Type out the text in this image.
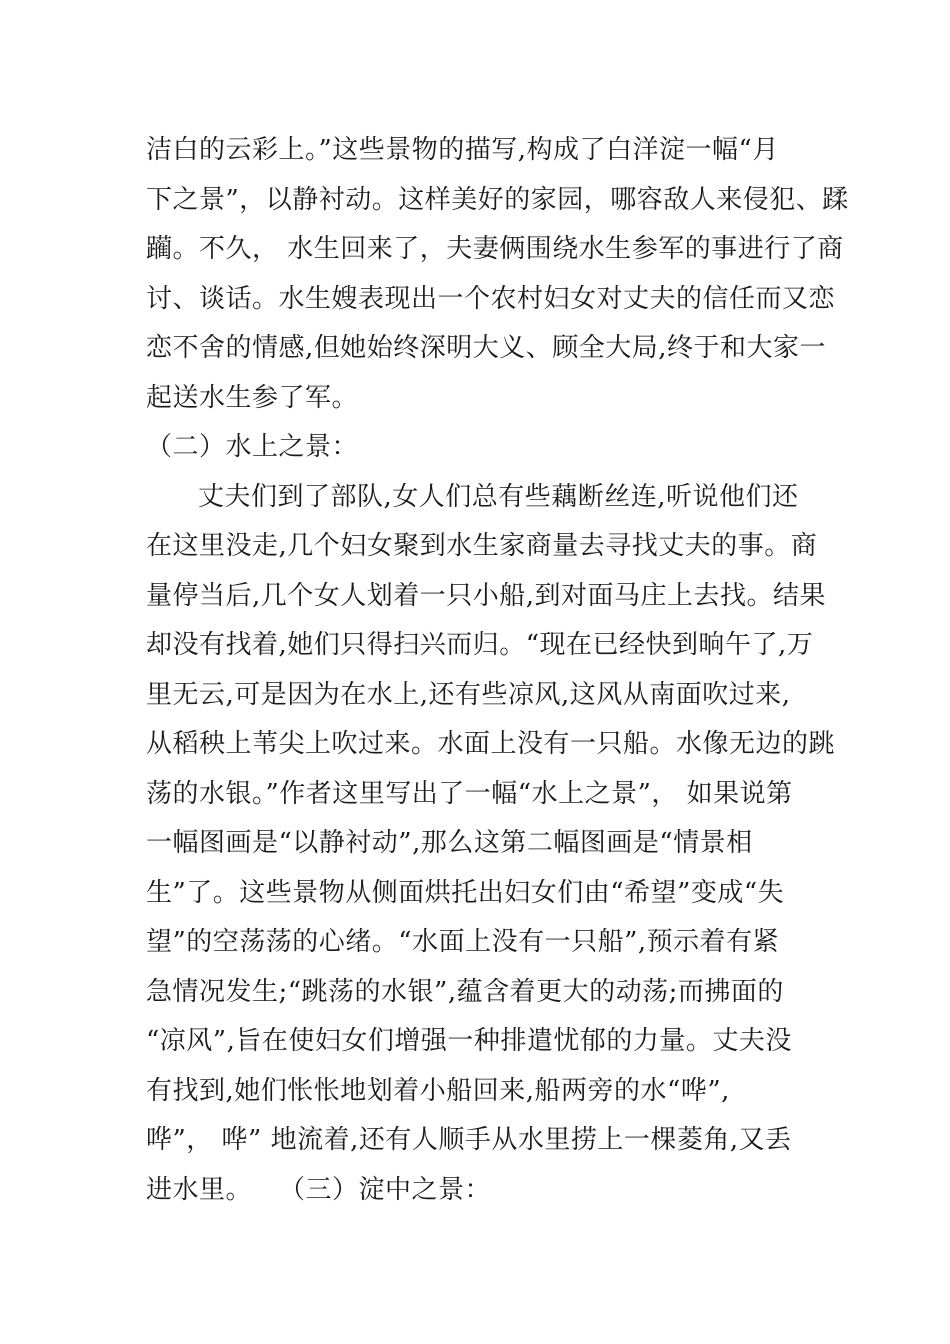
洁白的云彩上。”这些景物的描写,构成了白洋淀一幅“月
下之景”，以静衬动。这样美好的家园，哪容敌人来侵犯、蹂
躏。不久， 水生回来了，夫妻俩围绕水生参军的事进行了商
讨、谈话。水生嫂表现出一个农村妇女对丈夫的信任而又恋
恋不舍的情感,但她始终深明大义、顾全大局,终于和大家一
起送水生参了军。
（二）水上之景：
丈夫们到了部队,女人们总有些藕断丝连,听说他们还
在这里没走,几个妇女聚到水生家商量去寻找丈夫的事。商
量停当后,几个女人划着一只小船,到对面马庄上去找。结果
却没有找着,她们只得扫兴而归。“现在已经快到晌午了,万
里无云,可是因为在水上,还有些凉风,这风从南面吹过来,
从稻秧上苇尖上吹过来。水面上没有一只船。水像无边的跳
荡的水银。”作者这里写出了一幅“水上之景”， 如果说第
一幅图画是“以静衬动”,那么这第二幅图画是“情景相
生”了。这些景物从侧面烘托出妇女们由“希望”变成“失
望”的空荡荡的心绪。“水面上没有一只船”,预示着有紧
急情况发生;“跳荡的水银”,蕴含着更大的动荡;而拂面的
“凉风”,旨在使妇女们增强一种排遣忧郁的力量。丈夫没
有找到,她们怅怅地划着小船回来,船两旁的水“哗”,
哗”， 哗” 地流着,还有人顺手从水里捞上一棵菱角,又丢
进水里。　　（三）淀中之景：
